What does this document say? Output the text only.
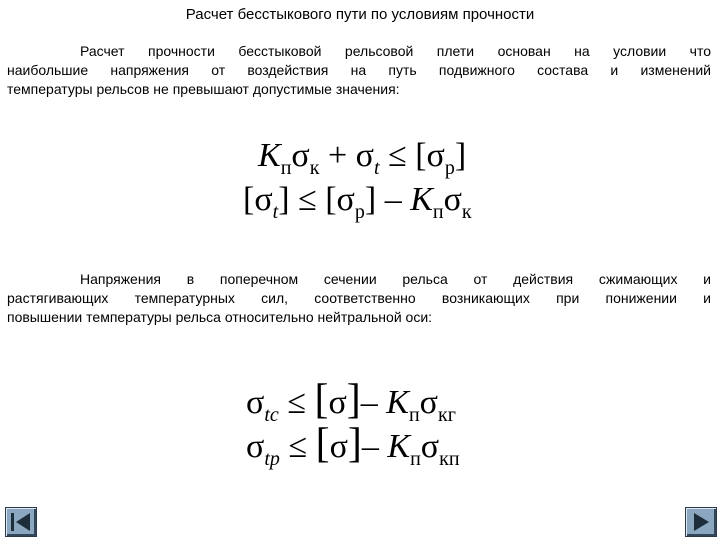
Расчет бесстыкового пути по условиям прочности

Расчет прочности бесстыковой рельсовой плети основан на условии что

наибольшие напряжения от воздействия на путь подвижного состава и изменений

температуры рельсов не превышают допустимые значения:

$K_п\sigma_к + \sigma_t \le [\sigma_р]$
$[\sigma_t] \le [\sigma_р] - K_п\sigma_к$

Напряжения в поперечном сечении рельса от действия сжимающих и

растягивающих температурных сил, соответственно возникающих при понижении и

повышении температуры рельса относительно нейтральной оси:

$\sigma_{tc} \le [\sigma]-$ $K_п\sigma_{кг}$
$\sigma_{tр} \le [\sigma]-$ $K_п\sigma_{кп}$
